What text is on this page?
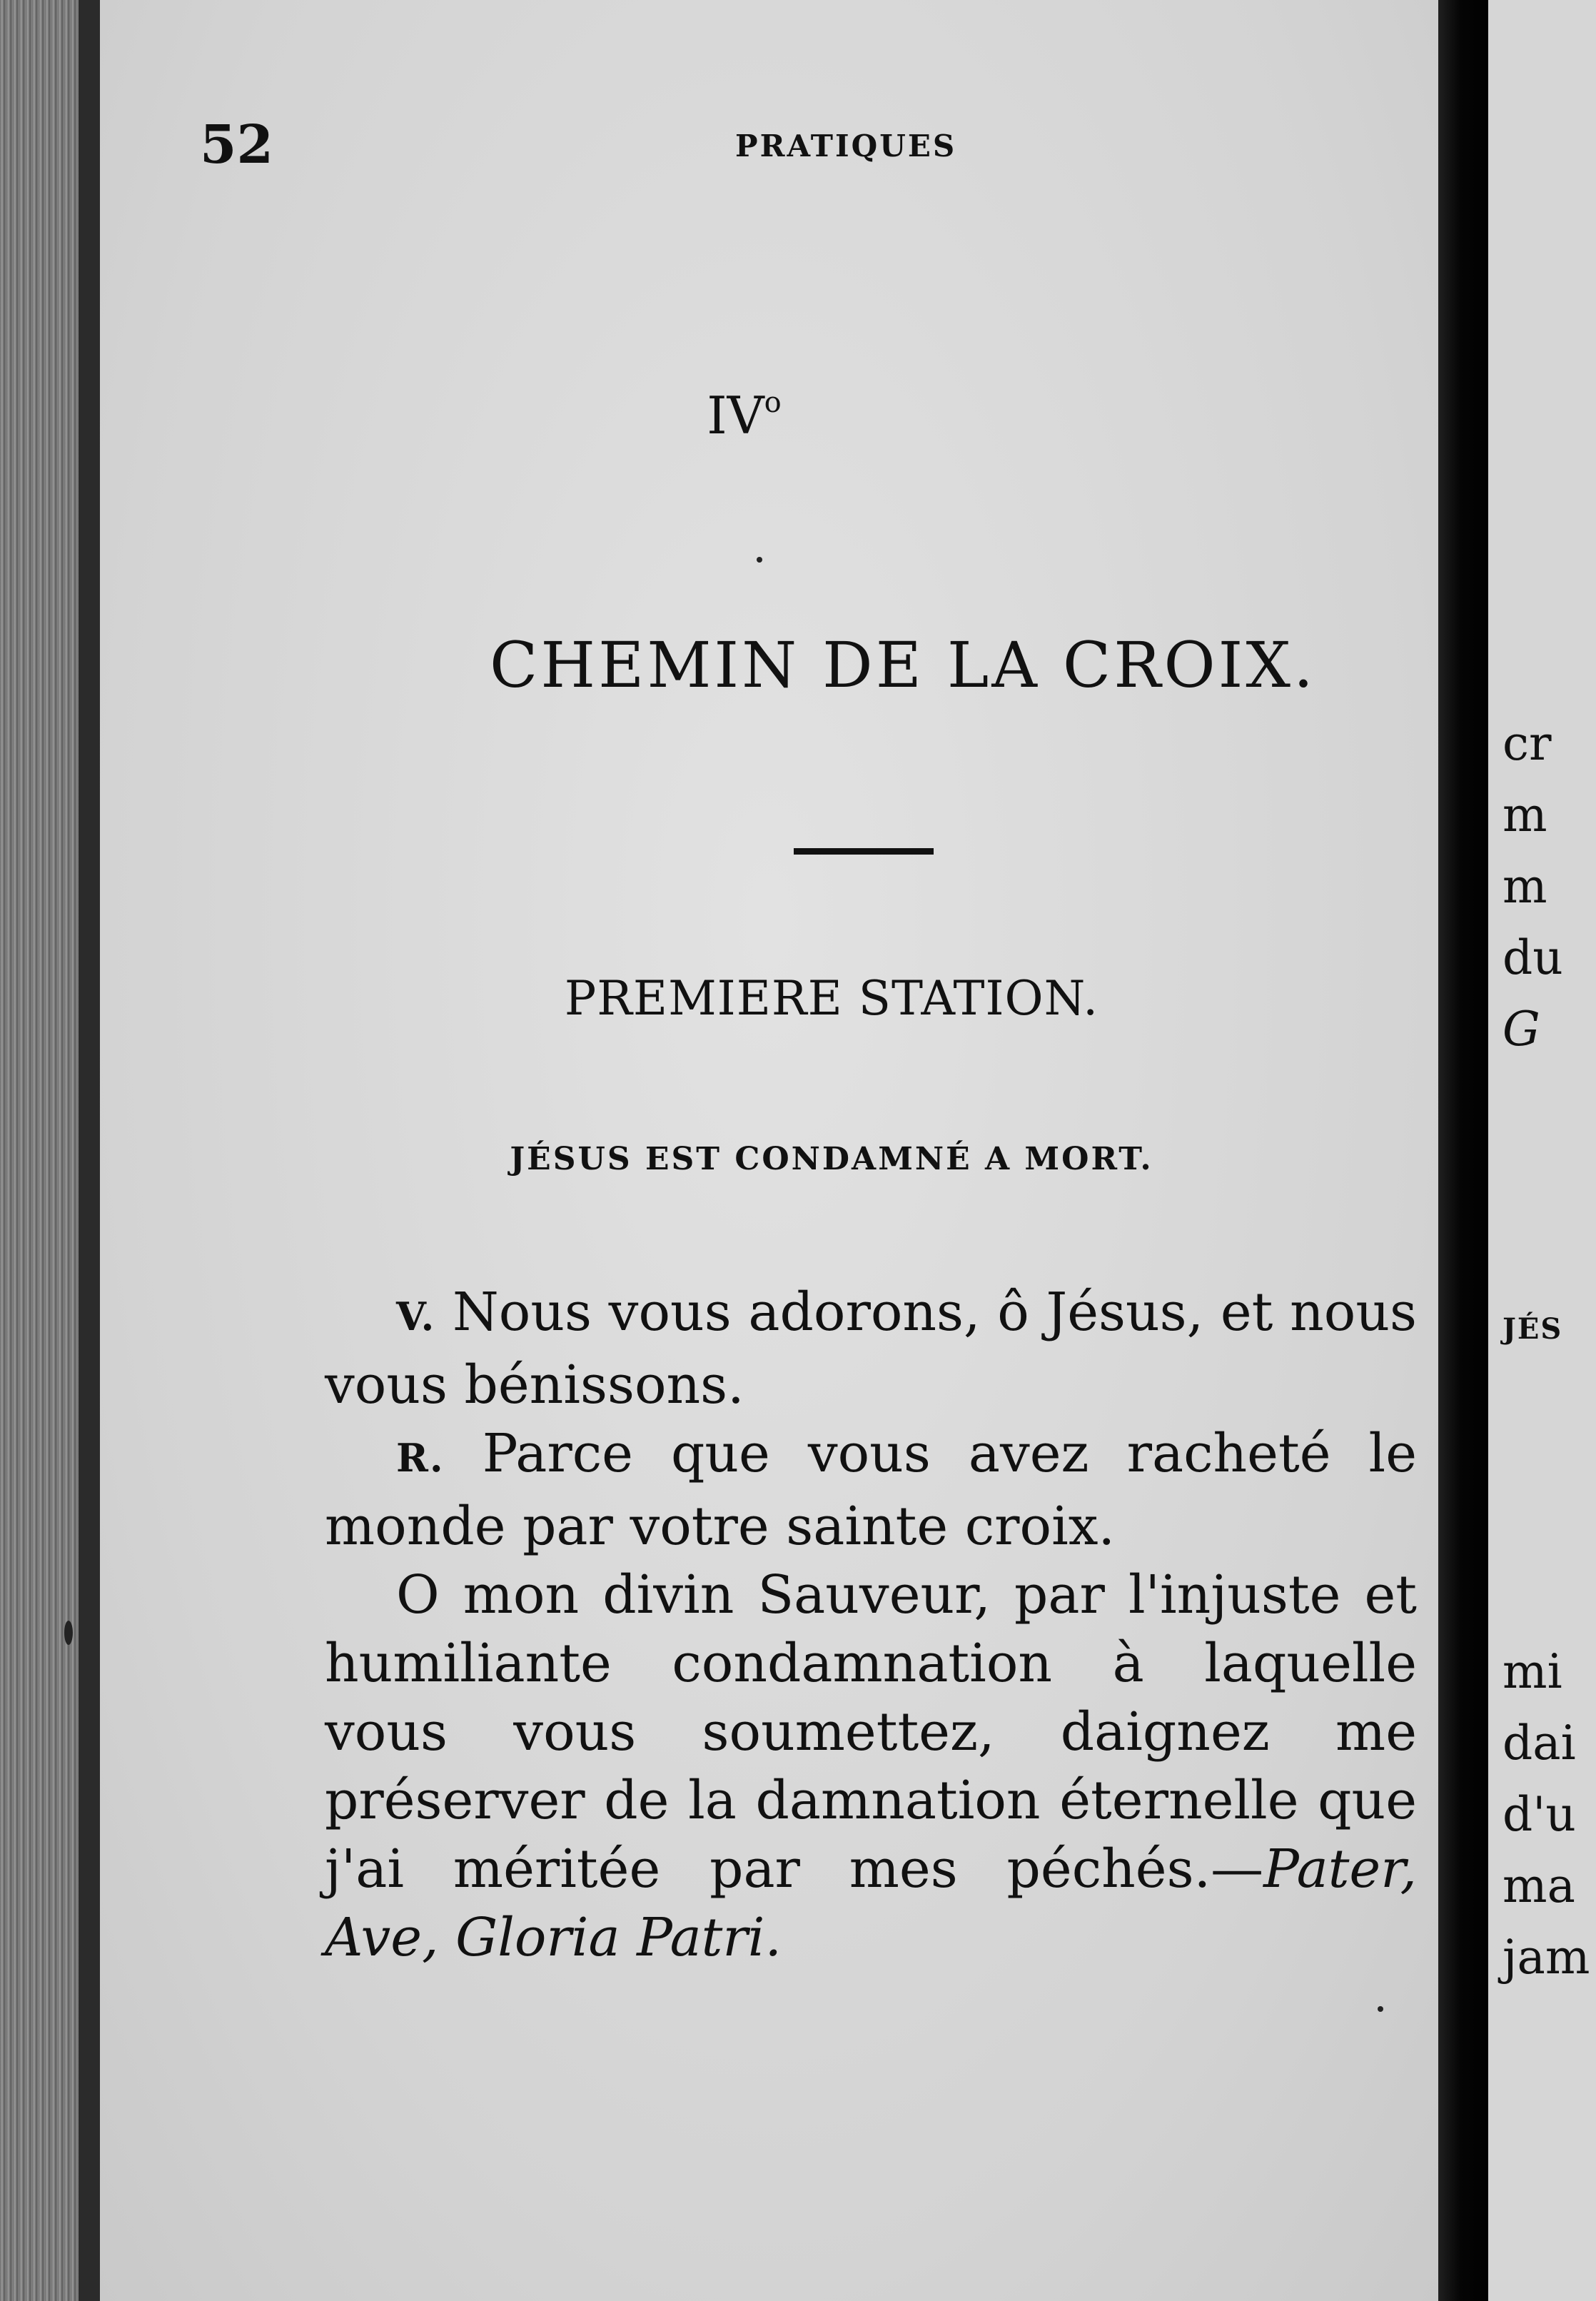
52	PRATIQUES
$IV^o$
CHEMIN DE LA CROIX.
PREMIERE STATION.
JÉSUS EST CONDAMNÉ A MORT.

V. Nous vous adorons, ô Jésus, et nous vous bénissons.

R. Parce que vous avez racheté le monde par votre sainte croix.

O mon divin Sauveur, par l'injuste et humiliante condamnation à laquelle vous vous soumettez, daignez me préserver de la damnation éternelle que j'ai méritée par mes péchés.—Pater, Ave, Gloria Patri.

cr
m
m
du
G
JÉS
mi
dai
d'u
ma
jam
